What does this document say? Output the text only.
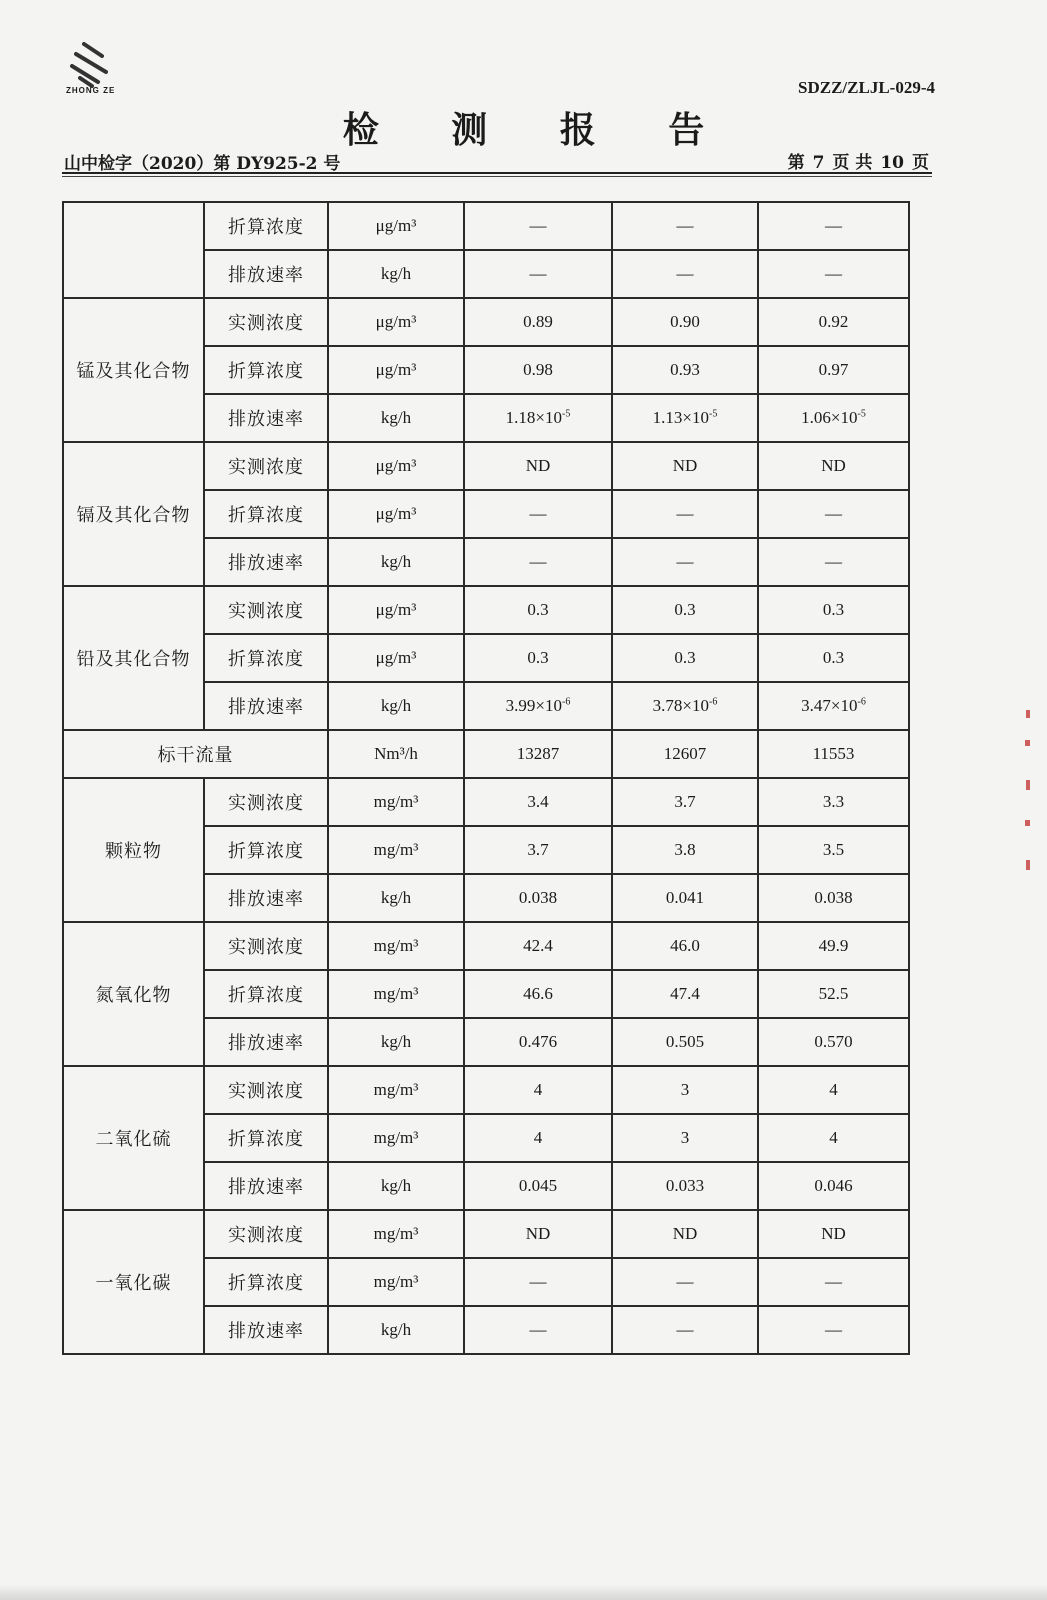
ZHONG ZE	SDZZ/ZLJL-029-4
检 测 报 告
山中检字（2020）第 DY925-2 号	第 7 页 共 10 页
	折算浓度	μg/m³	—	—	—
	排放速率	kg/h	—	—	—
锰及其化合物	实测浓度	μg/m³	0.89	0.90	0.92
	折算浓度	μg/m³	0.98	0.93	0.97
	排放速率	kg/h	$1.18\times 10^{-5}$	$1.13\times 10^{-5}$	$1.06\times 10^{-5}$
镉及其化合物	实测浓度	μg/m³	ND	ND	ND
	折算浓度	μg/m³	—	—	—
	排放速率	kg/h	—	—	—
铅及其化合物	实测浓度	μg/m³	0.3	0.3	0.3
	折算浓度	μg/m³	0.3	0.3	0.3
	排放速率	kg/h	$3.99\times 10^{-6}$	$3.78\times 10^{-6}$	$3.47\times 10^{-6}$
标干流量		Nm³/h	13287	12607	11553
颗粒物	实测浓度	mg/m³	3.4	3.7	3.3
	折算浓度	mg/m³	3.7	3.8	3.5
	排放速率	kg/h	0.038	0.041	0.038
氮氧化物	实测浓度	mg/m³	42.4	46.0	49.9
	折算浓度	mg/m³	46.6	47.4	52.5
	排放速率	kg/h	0.476	0.505	0.570
二氧化硫	实测浓度	mg/m³	4	3	4
	折算浓度	mg/m³	4	3	4
	排放速率	kg/h	0.045	0.033	0.046
一氧化碳	实测浓度	mg/m³	ND	ND	ND
	折算浓度	mg/m³	—	—	—
	排放速率	kg/h	—	—	—
